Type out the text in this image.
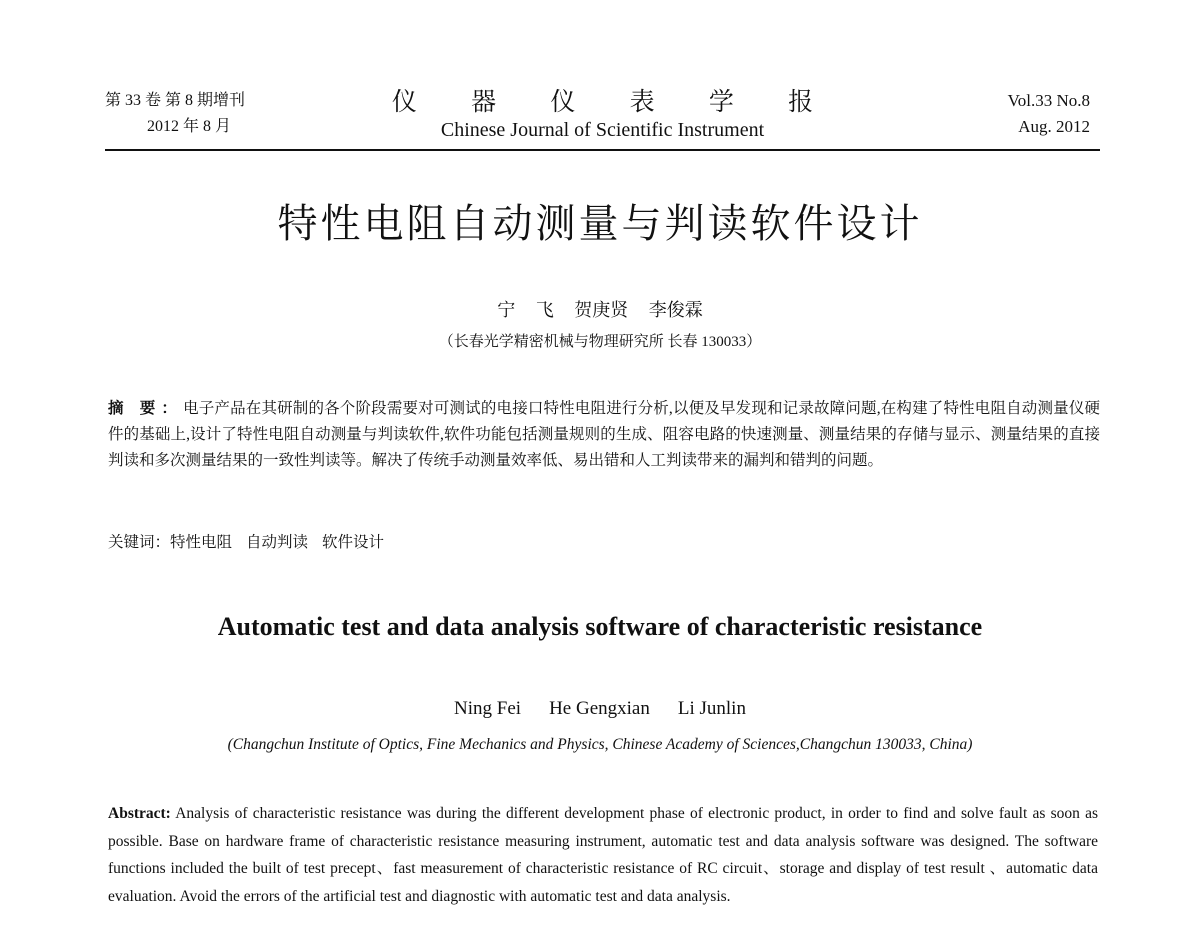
第 33 卷 第 8 期增刊
2012 年 8 月
仪 器 仪 表 学 报
Chinese Journal of Scientific Instrument
Vol.33 No.8
Aug. 2012
特性电阻自动测量与判读软件设计
宁 飞 贺庚贤 李俊霖
（长春光学精密机械与物理研究所 长春 130033）
摘 要：电子产品在其研制的各个阶段需要对可测试的电接口特性电阻进行分析,以便及早发现和记录故障问题,在构建了特性电阻自动测量仪硬件的基础上,设计了特性电阻自动测量与判读软件,软件功能包括测量规则的生成、阻容电路的快速测量、测量结果的存储与显示、测量结果的直接判读和多次测量结果的一致性判读等。解决了传统手动测量效率低、易出错和人工判读带来的漏判和错判的问题。
关键词：特性电阻 自动判读 软件设计
Automatic test and data analysis software of characteristic resistance
Ning Fei He Gengxian Li Junlin
(Changchun Institute of Optics, Fine Mechanics and Physics, Chinese Academy of Sciences,Changchun 130033, China)
Abstract: Analysis of characteristic resistance was during the different development phase of electronic product, in order to find and solve fault as soon as possible. Base on hardware frame of characteristic resistance measuring instrument, automatic test and data analysis software was designed. The software functions included the built of test precept、fast measurement of characteristic resistance of RC circuit、storage and display of test result 、automatic data evaluation. Avoid the errors of the artificial test and diagnostic with automatic test and data analysis.
